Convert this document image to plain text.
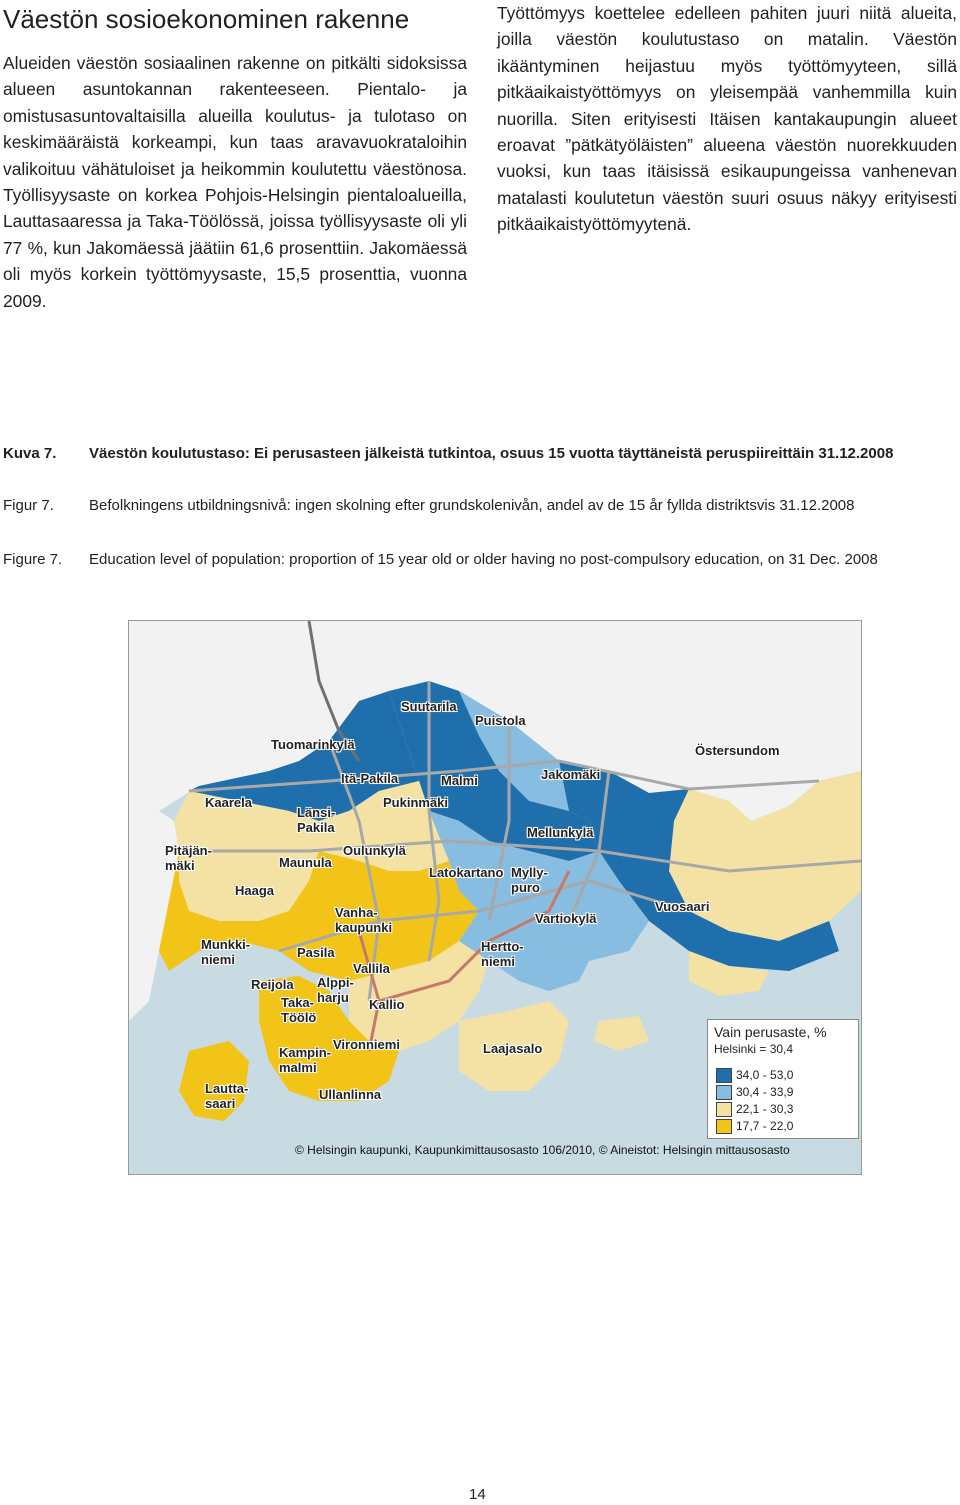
Väestön sosioekonominen rakenne

Alueiden väestön sosiaalinen rakenne on pitkälti sidoksissa alueen asuntokannan rakenteeseen. Pientalo- ja omistusasuntovaltaisilla alueilla koulutus- ja tulotaso on keskimääräistä korkeampi, kun taas aravavuokrataloihin valikoituu vähätuloiset ja heikommin koulutettu väestönosa. Työllisyysaste on korkea Pohjois-Helsingin pientaloalueilla, Lauttasaaressa ja Taka-Töölössä, joissa työllisyysaste oli yli 77 %, kun Jakomäessä jäätiin 61,6 prosenttiin. Jakomäessä oli myös korkein työttömyysaste, 15,5 prosenttia, vuonna 2009.

Työttömyys koettelee edelleen pahiten juuri niitä alueita, joilla väestön koulutustaso on matalin. Väestön ikääntyminen heijastuu myös työttömyyteen, sillä pitkäaikaistyöttömyys on yleisempää vanhemmilla kuin nuorilla. Siten erityisesti Itäisen kantakaupungin alueet eroavat ”pätkätyöläisten” alueena väestön nuorekkuuden vuoksi, kun taas itäisissä esikaupungeissa vanhenevan matalasti koulutetun väestön suuri osuus näkyy erityisesti pitkäaikaistyöttömyytenä.

Kuva 7.	Väestön koulutustaso: Ei perusasteen jälkeistä tutkintoa, osuus 15 vuotta täyttäneistä peruspiireittäin 31.12.2008
Figur 7.	Befolkningens utbildningsnivå: ingen skolning efter grundskolenivån, andel av de 15 år fyllda distriktsvis 31.12.2008
Figure 7.	Education level of population: proportion of 15 year old or older having no post-compulsory education, on 31 Dec. 2008
Suutarila
Puistola
Tuomarinkylä	Östersundom
Itä-Pakila	Malmi	Jakomäki
Kaarela
Länsi-
Pakila
Pukinmäki
Mellunkylä
Pitäjän-
mäki
Oulunkylä
Maunula
Latokartano Mylly-
puro
Haaga
Vanha-
kaupunki
Vartiokylä
Vuosaari
Munkki-
niemi	Pasila
Vallila
Hertto-
niemi
Reijola Alppi-
harju
Taka-
Töölö
Kallio
Vironniemi	Laajasalo
Kampin-
malmi
Lautta-
saari
Ullanlinna
Vain perusaste, %
Helsinki = 30,4
34,0 - 53,0
30,4 - 33,9
22,1 - 30,3
17,7 - 22,0
© Helsingin kaupunki, Kaupunkimittausosasto 106/2010, © Aineistot: Helsingin mittausosasto
14
